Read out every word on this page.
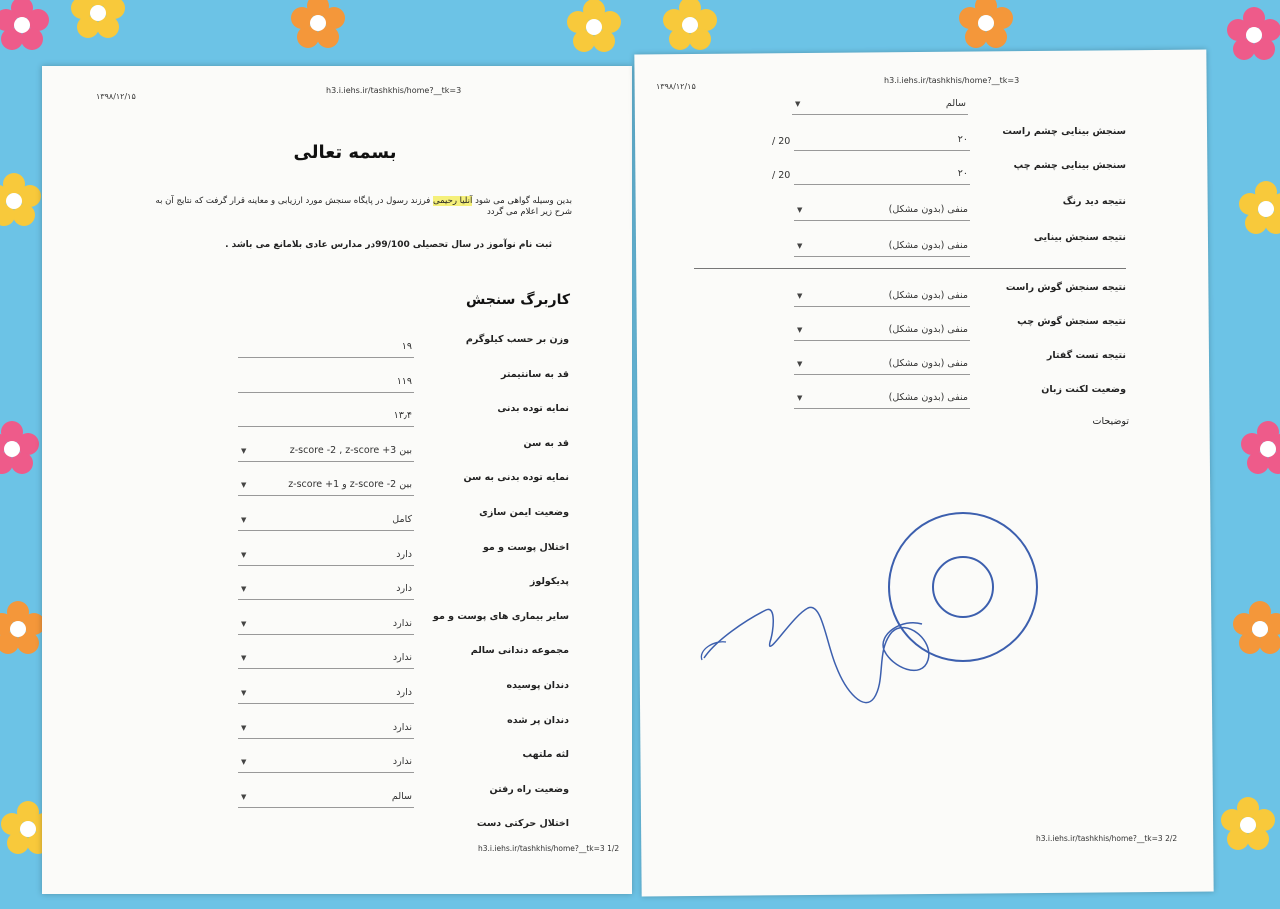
۱۳۹۸/۱۲/۱۵
h3.i.iehs.ir/tashkhis/home?__tk=3
بسمه تعالی
بدین وسیله گواهی می شود آنلیا رحیمی فرزند رسول در پایگاه سنجش مورد ارزیابی و معاینه قرار گرفت که نتایج آن به شرح زیر اعلام می گردد
ثبت نام نوآموز در سال تحصیلی 99/100در مدارس عادی بلامانع می باشد .
کاربرگ سنجش
وزن بر حسب کیلوگرم
۱۹
قد به سانتیمتر
۱۱۹
نمایه توده بدنی
۱۳٫۴
قد به سن
بین z-score -2 , z-score +3
▼
نمایه توده بدنی به سن
بین z-score -2 و z-score +1
▼
وضعیت ایمن سازی
کامل
▼
اختلال پوست و مو
دارد
▼
پدیکولوز
دارد
▼
سایر بیماری های پوست و مو
ندارد
▼
مجموعه دندانی سالم
ندارد
▼
دندان پوسیده
دارد
▼
دندان پر شده
ندارد
▼
لثه ملتهب
ندارد
▼
وضعیت راه رفتن
سالم
▼
اختلال حرکتی دست
h3.i.iehs.ir/tashkhis/home?__tk=3 1/2
۱۳۹۸/۱۲/۱۵
h3.i.iehs.ir/tashkhis/home?__tk=3
سالم
▼
سنجش بینایی چشم راست
۲۰
/ 20
سنجش بینایی چشم چپ
۲۰
/ 20
نتیجه دید رنگ
منفی (بدون مشکل)
▼
نتیجه سنجش بینایی
منفی (بدون مشکل)
▼
نتیجه سنجش گوش راست
منفی (بدون مشکل)
▼
نتیجه سنجش گوش چپ
منفی (بدون مشکل)
▼
نتیجه تست گفتار
منفی (بدون مشکل)
▼
وضعیت لکنت زبان
منفی (بدون مشکل)
▼
توضیحات
h3.i.iehs.ir/tashkhis/home?__tk=3 2/2
